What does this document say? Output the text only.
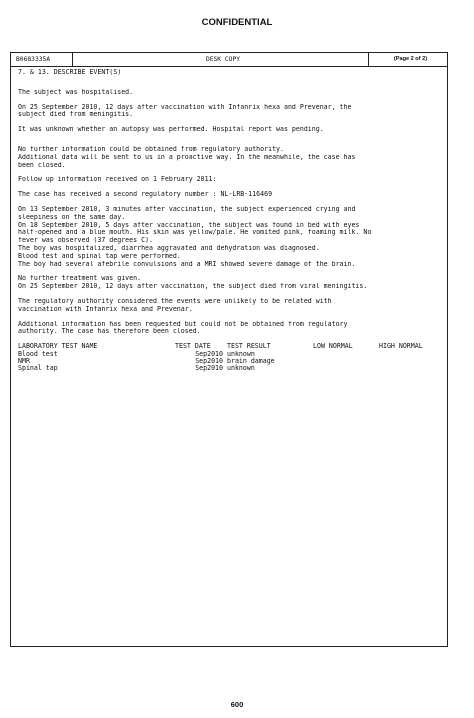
CONFIDENTIAL
B0683335A	DESK COPY	(Page 2 of 2)
7. & 13. DESCRIBE EVENT(S)
The subject was hospitalised.
On 25 September 2010, 12 days after vaccination with Infanrix hexa and Prevenar, the
subject died from meningitis.
It was unknown whether an autopsy was performed. Hospital report was pending.
No further information could be obtained from regulatory authority.
Additional data will be sent to us in a proactive way. In the meanwhile, the case has
been closed.
Follow up information received on 1 February 2011:
The case has received a second regulatory number : NL-LRB-116469
On 13 September 2010, 3 minutes after vaccination, the subject experienced crying and
sleepiness on the same day.
On 18 September 2010, 5 days after vaccination, the subject was found in bed with eyes
half-opened and a blue mouth. His skin was yellow/pale. He vomited pink, foaming milk. No
fever was observed (37 degrees C).
The boy was hospitalized, diarrhea aggravated and dehydration was diagnosed.
Blood test and spinal tap were performed.
The boy had several afebrile convulsions and a MRI showed severe damage of the brain.
No further treatment was given.
On 25 September 2010, 12 days after vaccination, the subject died from viral meningitis.
The regulatory authority considered the events were unlikely to be related with
vaccination with Infanrix hexa and Prevenar.
Additional information has been requested but could not be obtained from regulatory
authority. The case has therefore been closed.
LABORATORY TEST NAME	TEST DATE	TEST RESULT	LOW NORMAL	HIGH NORMAL
Blood test	Sep2010	unknown		
NMR	Sep2010	brain damage		
Spinal tap	Sep2010	unknown		
600
